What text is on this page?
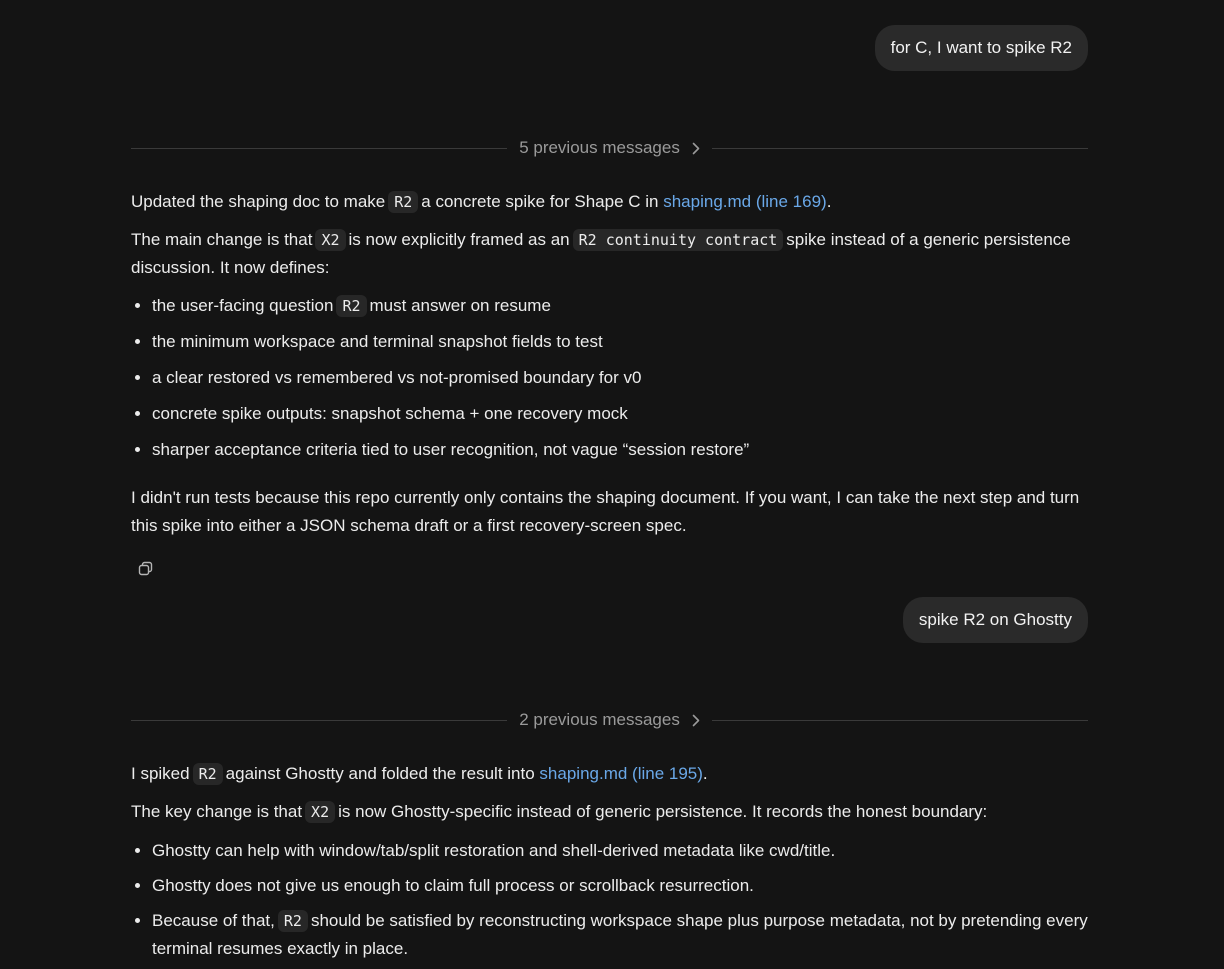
for C, I want to spike R2
5 previous messages

Updated the shaping doc to make R2 a concrete spike for Shape C in shaping.md (line 169).

The main change is that X2 is now explicitly framed as an R2 continuity contract spike instead of a generic persistence discussion. It now defines:

• the user-facing question R2 must answer on resume
• the minimum workspace and terminal snapshot fields to test
• a clear restored vs remembered vs not-promised boundary for v0
• concrete spike outputs: snapshot schema + one recovery mock
• sharper acceptance criteria tied to user recognition, not vague “session restore”

I didn't run tests because this repo currently only contains the shaping document. If you want, I can take the next step and turn this spike into either a JSON schema draft or a first recovery-screen spec.

spike R2 on Ghostty
2 previous messages

I spiked R2 against Ghostty and folded the result into shaping.md (line 195).

The key change is that X2 is now Ghostty-specific instead of generic persistence. It records the honest boundary:

• Ghostty can help with window/tab/split restoration and shell-derived metadata like cwd/title.
• Ghostty does not give us enough to claim full process or scrollback resurrection.
• Because of that, R2 should be satisfied by reconstructing workspace shape plus purpose metadata, not by pretending every terminal resumes exactly in place.
